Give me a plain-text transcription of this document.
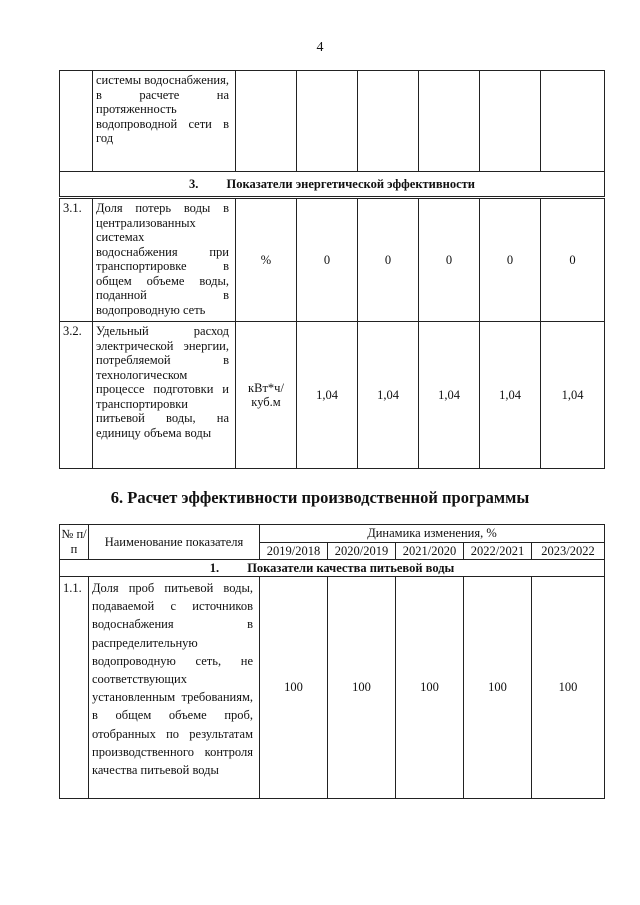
4
	системы водоснабжения, в расчете на протяженность водопроводной сети в год						
3. Показатели энергетической эффективности							
3.1.	Доля потерь воды в централизованных системах водоснабжения при транспортировке в общем объеме воды, поданной в водопроводную сеть	%	0	0	0	0	0
3.2.	Удельный расход электрической энергии, потребляемой в технологическом процессе подготовки и транспортировки питьевой воды, на единицу объема воды	кВт*ч/ куб.м	1,04	1,04	1,04	1,04	1,04
6. Расчет эффективности производственной программы
№ п/п	Наименование показателя	Динамика изменения, %				
		2019/2018	2020/2019	2021/2020	2022/2021	2023/2022
1. Показатели качества питьевой воды						
1.1.	Доля проб питьевой воды, подаваемой с источников водоснабжения в распределительную водопроводную сеть, не соответствующих установленным требованиям, в общем объеме проб, отобранных по результатам производственного контроля качества питьевой воды	100	100	100	100	100
